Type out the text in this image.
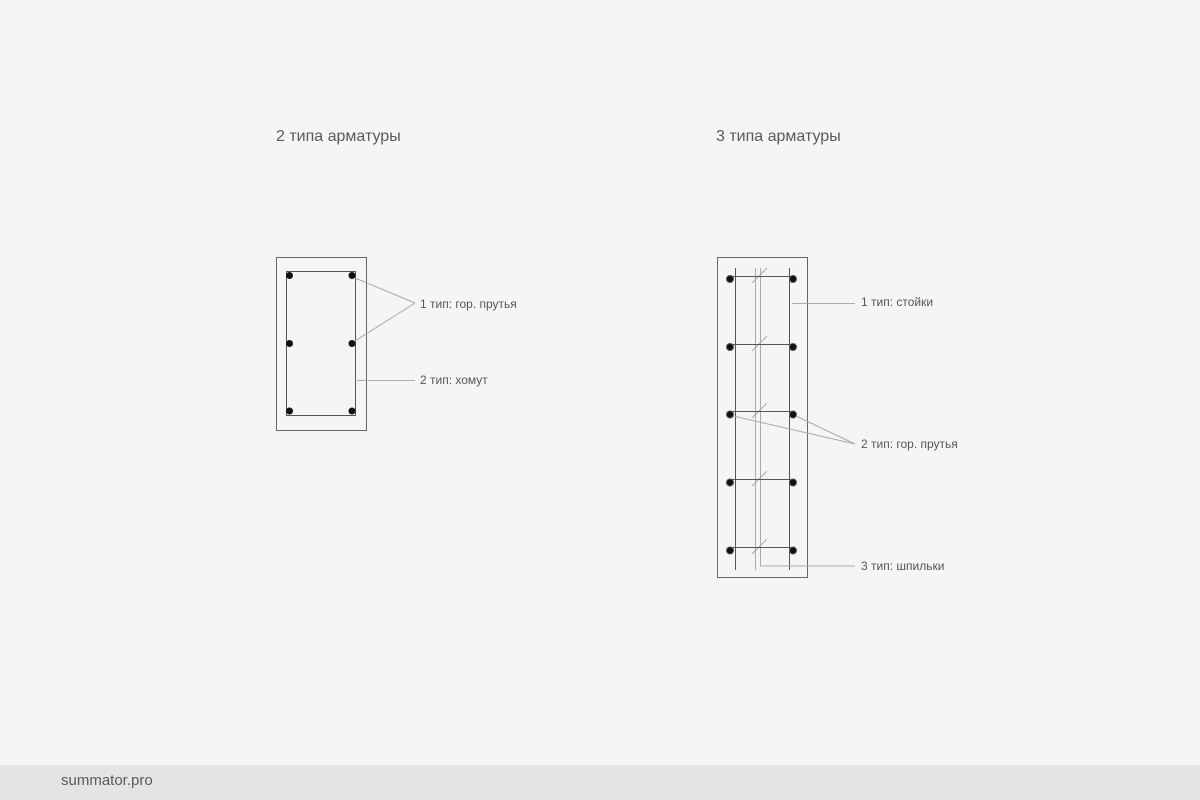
2 типа арматуры	3 типа арматуры
1 тип: гор. прутья
2 тип: хомут
1 тип: стойки
2 тип: гор. прутья
3 тип: шпильки
summator.pro
